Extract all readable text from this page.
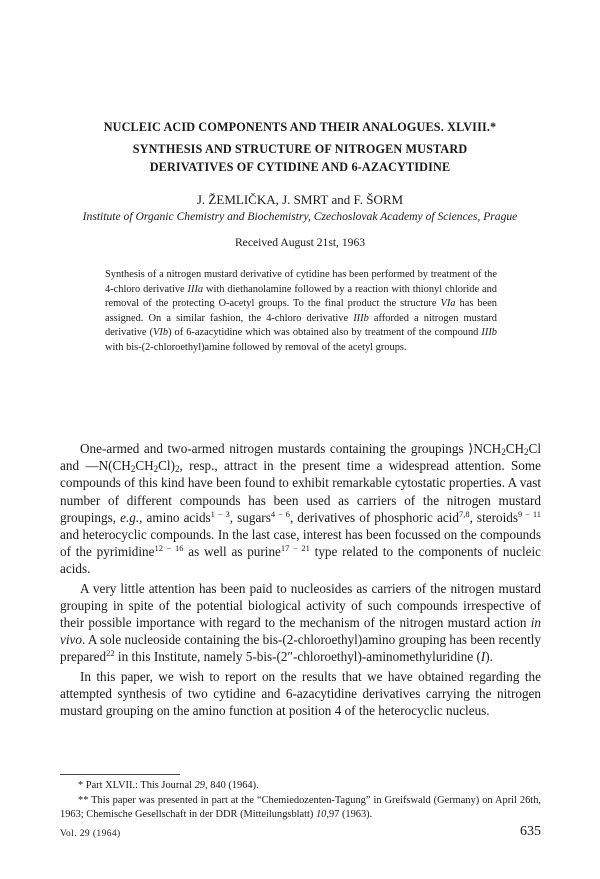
NUCLEIC ACID COMPONENTS AND THEIR ANALOGUES. XLVIII.*
SYNTHESIS AND STRUCTURE OF NITROGEN MUSTARD
DERIVATIVES OF CYTIDINE AND 6-AZACYTIDINE
J. ŽEMLIČKA, J. SMRT and F. ŠORM
Institute of Organic Chemistry and Biochemistry, Czechoslovak Academy of Sciences, Prague
Received August 21st, 1963
Synthesis of a nitrogen mustard derivative of cytidine has been performed by treatment of the 4-chloro derivative IIIa with diethanolamine followed by a reaction with thionyl chloride and removal of the protecting O-acetyl groups. To the final product the structure VIa has been assigned. On a similar fashion, the 4-chloro derivative IIIb afforded a nitrogen mustard derivative (VIb) of 6-azacytidine which was obtained also by treatment of the compound IIIb with bis-(2-chloroethyl)amine followed by removal of the acetyl groups.

One-armed and two-armed nitrogen mustards containing the groupings $⟩NCH_2CH_2Cl$ and $—N(CH_2CH_2Cl)_2$, resp., attract in the present time a widespread attention. Some compounds of this kind have been found to exhibit remarkable cytostatic properties. A vast number of different compounds has been used as carriers of the nitrogen mustard groupings, e.g., amino acids$^{1 - 3}$, sugars$^{4 - 6}$, derivatives of phosphoric acid$^{7,8}$, steroids$^{9 - 11}$ and heterocyclic compounds. In the last case, interest has been focussed on the compounds of the pyrimidine$^{12 - 16}$ as well as purine$^{17 - 21}$ type related to the components of nucleic acids.

A very little attention has been paid to nucleosides as carriers of the nitrogen mustard grouping in spite of the potential biological activity of such compounds irrespective of their possible importance with regard to the mechanism of the nitrogen mustard action in vivo. A sole nucleoside containing the bis-(2-chloroethyl)amino grouping has been recently prepared$^{22}$ in this Institute, namely 5-bis-(2″-chloroethyl)-aminomethyluridine (I).

In this paper, we wish to report on the results that we have obtained regarding the attempted synthesis of two cytidine and 6-azacytidine derivatives carrying the nitrogen mustard grouping on the amino function at position 4 of the heterocyclic nucleus.

* Part XLVII.: This Journal 29, 840 (1964).

** This paper was presented in part at the “Chemiedozenten-Tagung” in Greifswald (Germany) on April 26th, 1963; Chemische Gesellschaft in der DDR (Mitteilungsblatt) 10,97 (1963).

Vol. 29 (1964)	635
